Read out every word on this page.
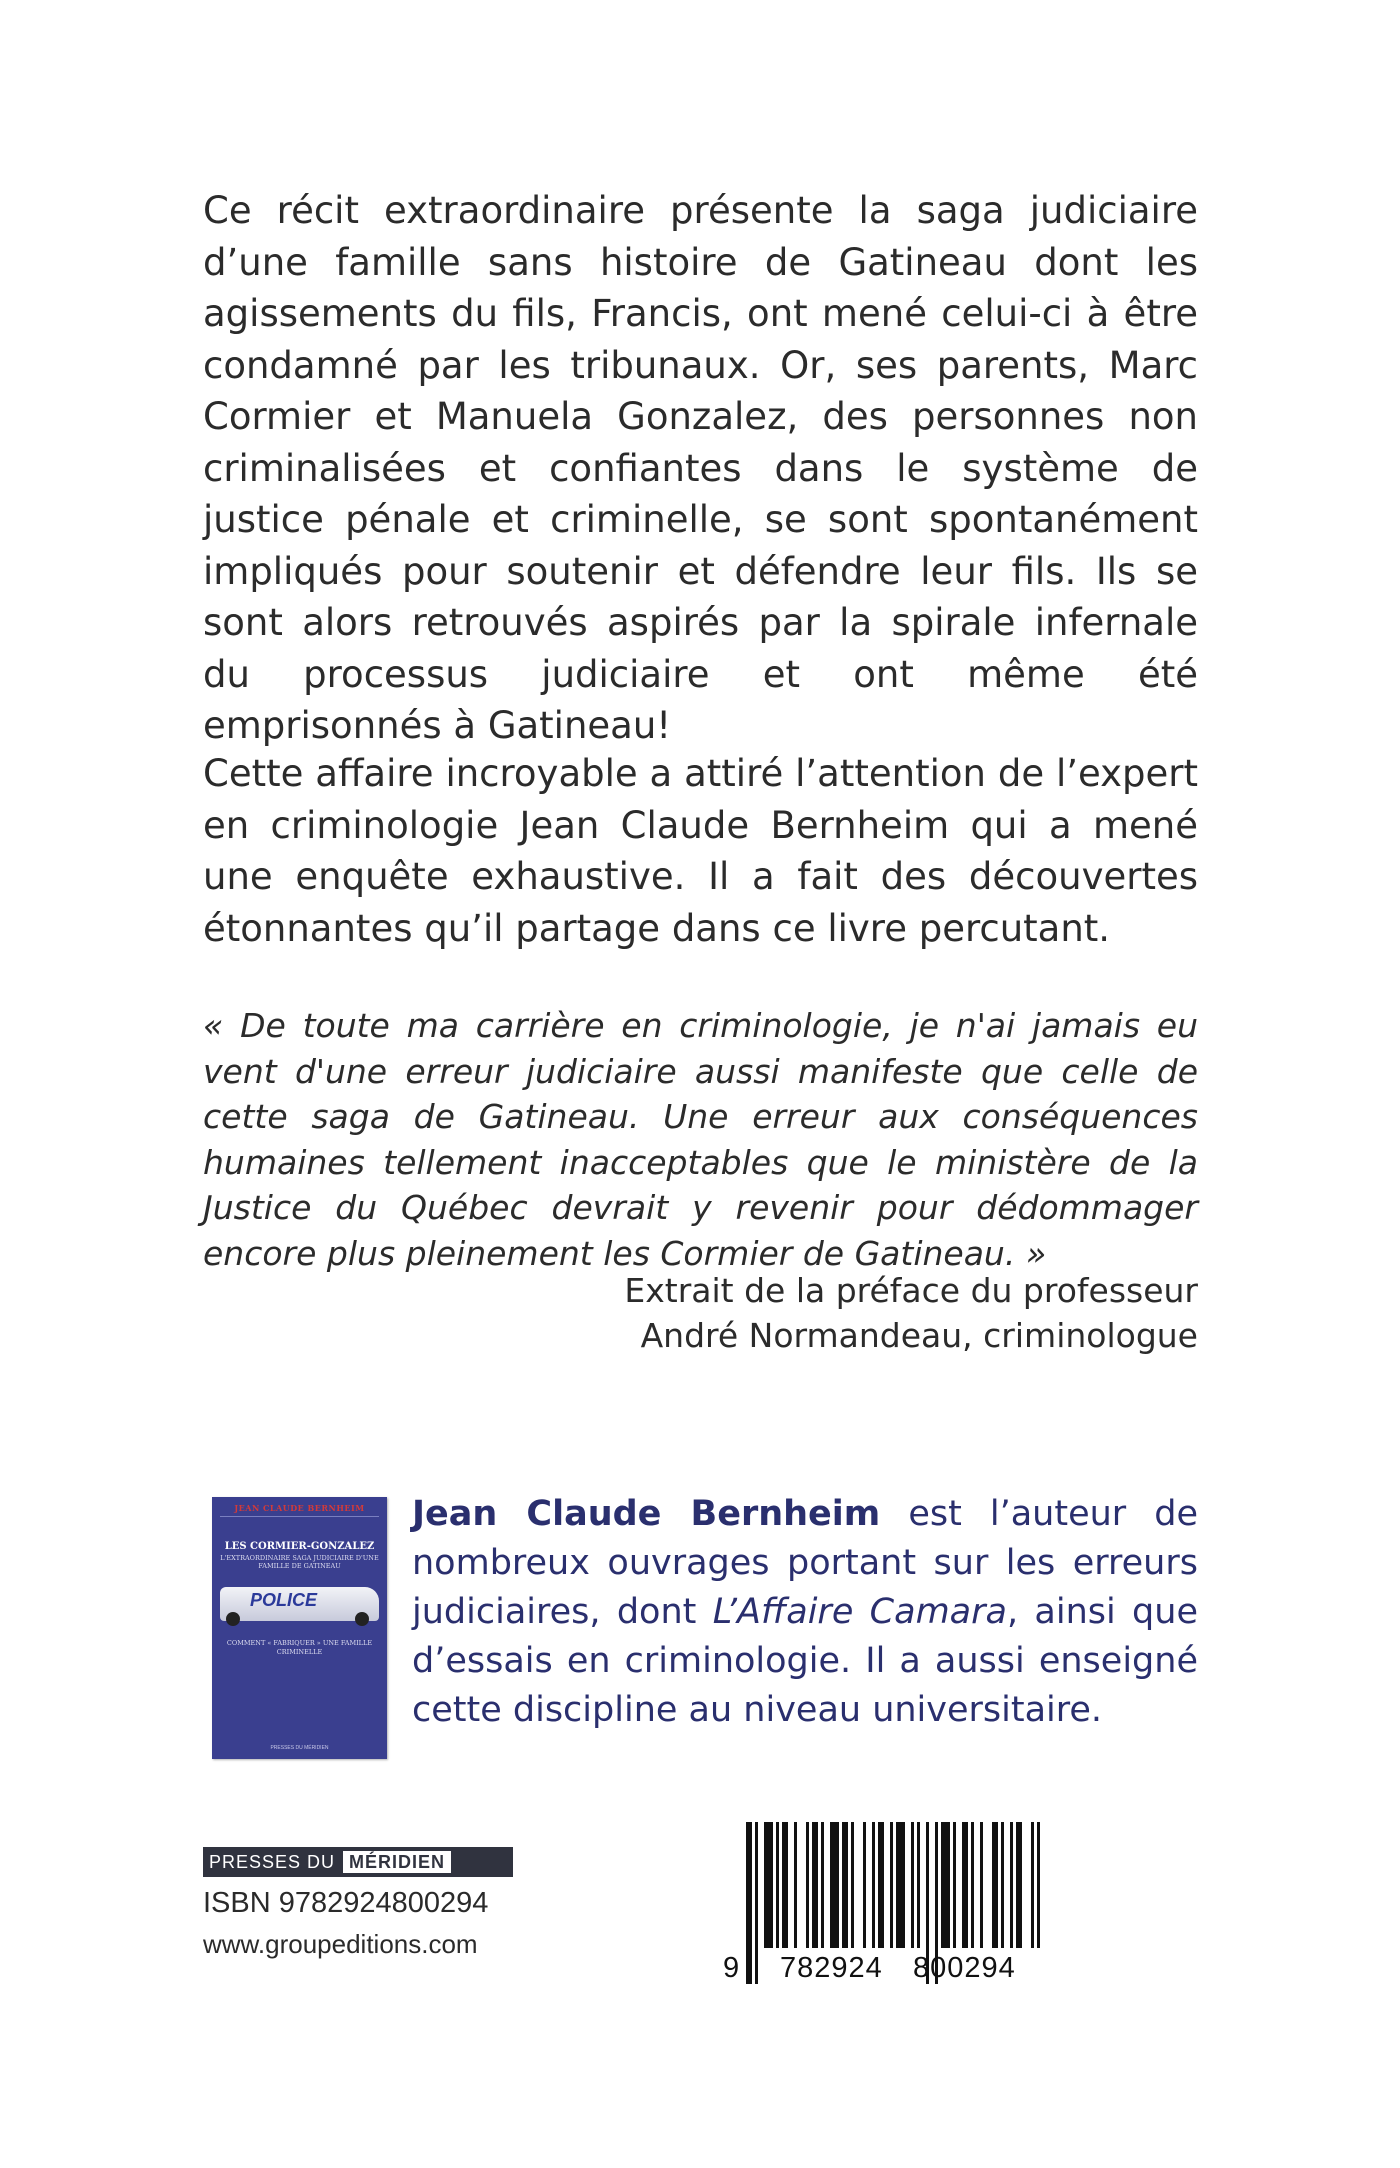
Ce récit extraordinaire présente la saga judiciaire d’une famille sans histoire de Gatineau dont les agissements du fils, Francis, ont mené celui-ci à être condamné par les tribunaux. Or, ses parents, Marc Cormier et Manuela Gonzalez, des personnes non criminalisées et confiantes dans le système de justice pénale et criminelle, se sont spontanément impliqués pour soutenir et défendre leur fils. Ils se sont alors retrouvés aspirés par la spirale infernale du processus judiciaire et ont même été emprisonnés à Gatineau!

Cette affaire incroyable a attiré l’attention de l’expert en criminologie Jean Claude Bernheim qui a mené une enquête exhaustive. Il a fait des découvertes étonnantes qu’il partage dans ce livre percutant.

« De toute ma carrière en criminologie, je n'ai jamais eu vent d'une erreur judiciaire aussi manifeste que celle de cette saga de Gatineau. Une erreur aux conséquences humaines tellement inacceptables que le ministère de la Justice du Québec devrait y revenir pour dédommager encore plus pleinement les Cormier de Gatineau. »

Extrait de la préface du professeur
André Normandeau, criminologue
JEAN CLAUDE BERNHEIM
LES CORMIER-GONZALEZ
L'EXTRAORDINAIRE SAGA JUDICIAIRE D'UNE FAMILLE DE GATINEAU
POLICE
COMMENT « FABRIQUER » UNE FAMILLE CRIMINELLE
PRESSES DU MÉRIDIEN

Jean Claude Bernheim est l’auteur de nombreux ouvrages portant sur les erreurs judiciaires, dont L’Affaire Camara, ainsi que d’essais en criminologie. Il a aussi enseigné cette discipline au niveau universitaire.

PRESSES DU MÉRIDIEN
ISBN 9782924800294
www.groupeditions.com
9 782924 800294
